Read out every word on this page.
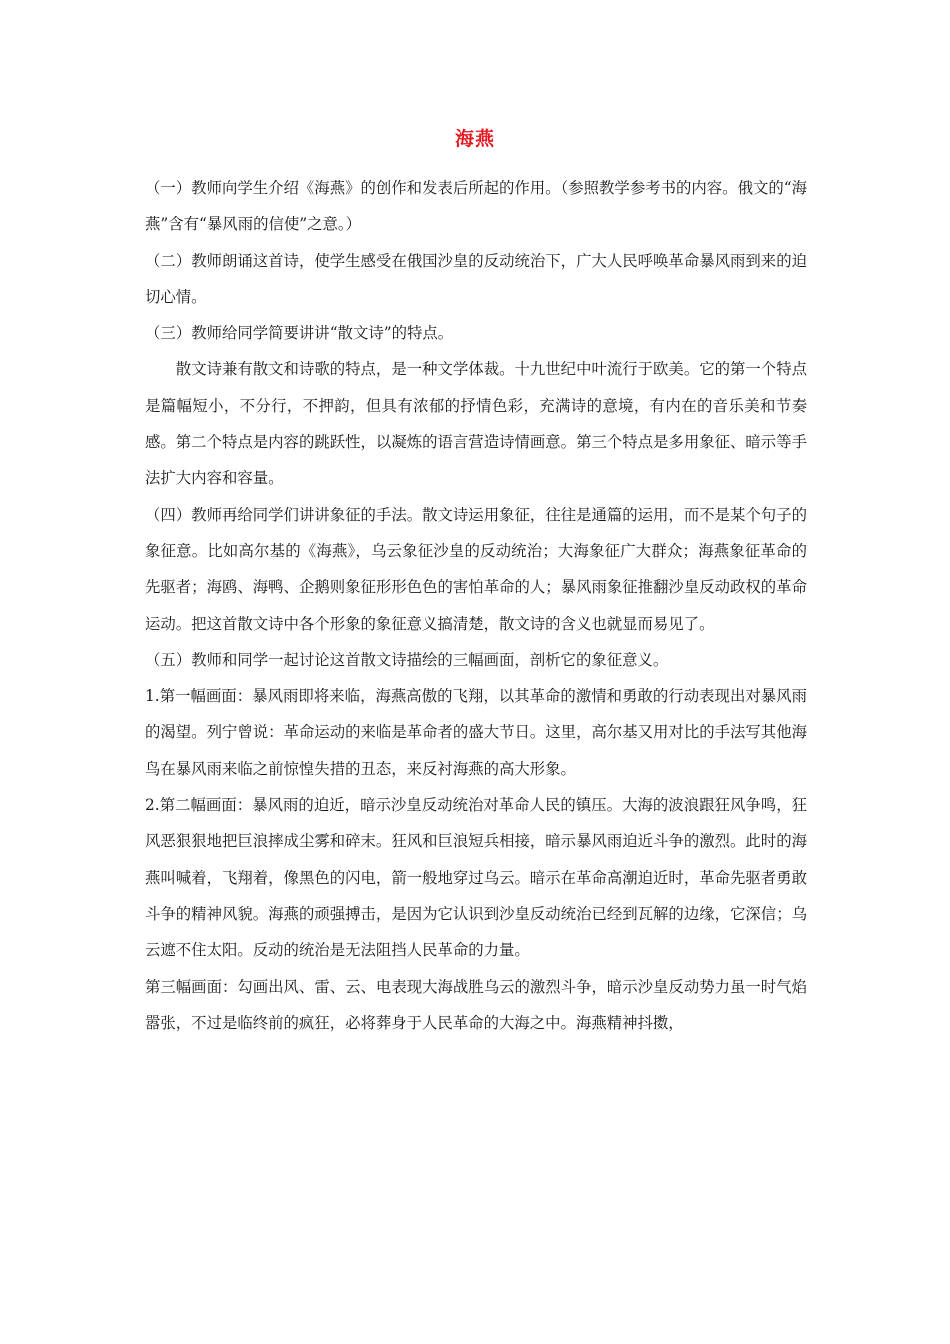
海燕

（一）教师向学生介绍《海燕》的创作和发表后所起的作用。（参照教学参考书的内容。俄文的“海燕”含有“暴风雨的信使”之意。）

（二）教师朗诵这首诗，使学生感受在俄国沙皇的反动统治下，广大人民呼唤革命暴风雨到来的迫切心情。

（三）教师给同学简要讲讲“散文诗”的特点。

散文诗兼有散文和诗歌的特点，是一种文学体裁。十九世纪中叶流行于欧美。它的第一个特点是篇幅短小，不分行，不押韵，但具有浓郁的抒情色彩，充满诗的意境，有内在的音乐美和节奏感。第二个特点是内容的跳跃性，以凝炼的语言营造诗情画意。第三个特点是多用象征、暗示等手法扩大内容和容量。

（四）教师再给同学们讲讲象征的手法。散文诗运用象征，往往是通篇的运用，而不是某个句子的象征意。比如高尔基的《海燕》，乌云象征沙皇的反动统治；大海象征广大群众；海燕象征革命的先驱者；海鸥、海鸭、企鹅则象征形形色色的害怕革命的人；暴风雨象征推翻沙皇反动政权的革命运动。把这首散文诗中各个形象的象征意义搞清楚，散文诗的含义也就显而易见了。

（五）教师和同学一起讨论这首散文诗描绘的三幅画面，剖析它的象征意义。

1.第一幅画面：暴风雨即将来临，海燕高傲的飞翔，以其革命的激情和勇敢的行动表现出对暴风雨的渴望。列宁曾说：革命运动的来临是革命者的盛大节日。这里，高尔基又用对比的手法写其他海鸟在暴风雨来临之前惊惶失措的丑态，来反衬海燕的高大形象。

2.第二幅画面：暴风雨的迫近，暗示沙皇反动统治对革命人民的镇压。大海的波浪跟狂风争鸣，狂风恶狠狠地把巨浪摔成尘雾和碎末。狂风和巨浪短兵相接，暗示暴风雨迫近斗争的激烈。此时的海燕叫喊着，飞翔着，像黑色的闪电，箭一般地穿过乌云。暗示在革命高潮迫近时，革命先驱者勇敢斗争的精神风貌。海燕的顽强搏击，是因为它认识到沙皇反动统治已经到瓦解的边缘，它深信；乌云遮不住太阳。反动的统治是无法阻挡人民革命的力量。

第三幅画面：勾画出风、雷、云、电表现大海战胜乌云的激烈斗争，暗示沙皇反动势力虽一时气焰嚣张，不过是临终前的疯狂，必将葬身于人民革命的大海之中。海燕精神抖擞，
